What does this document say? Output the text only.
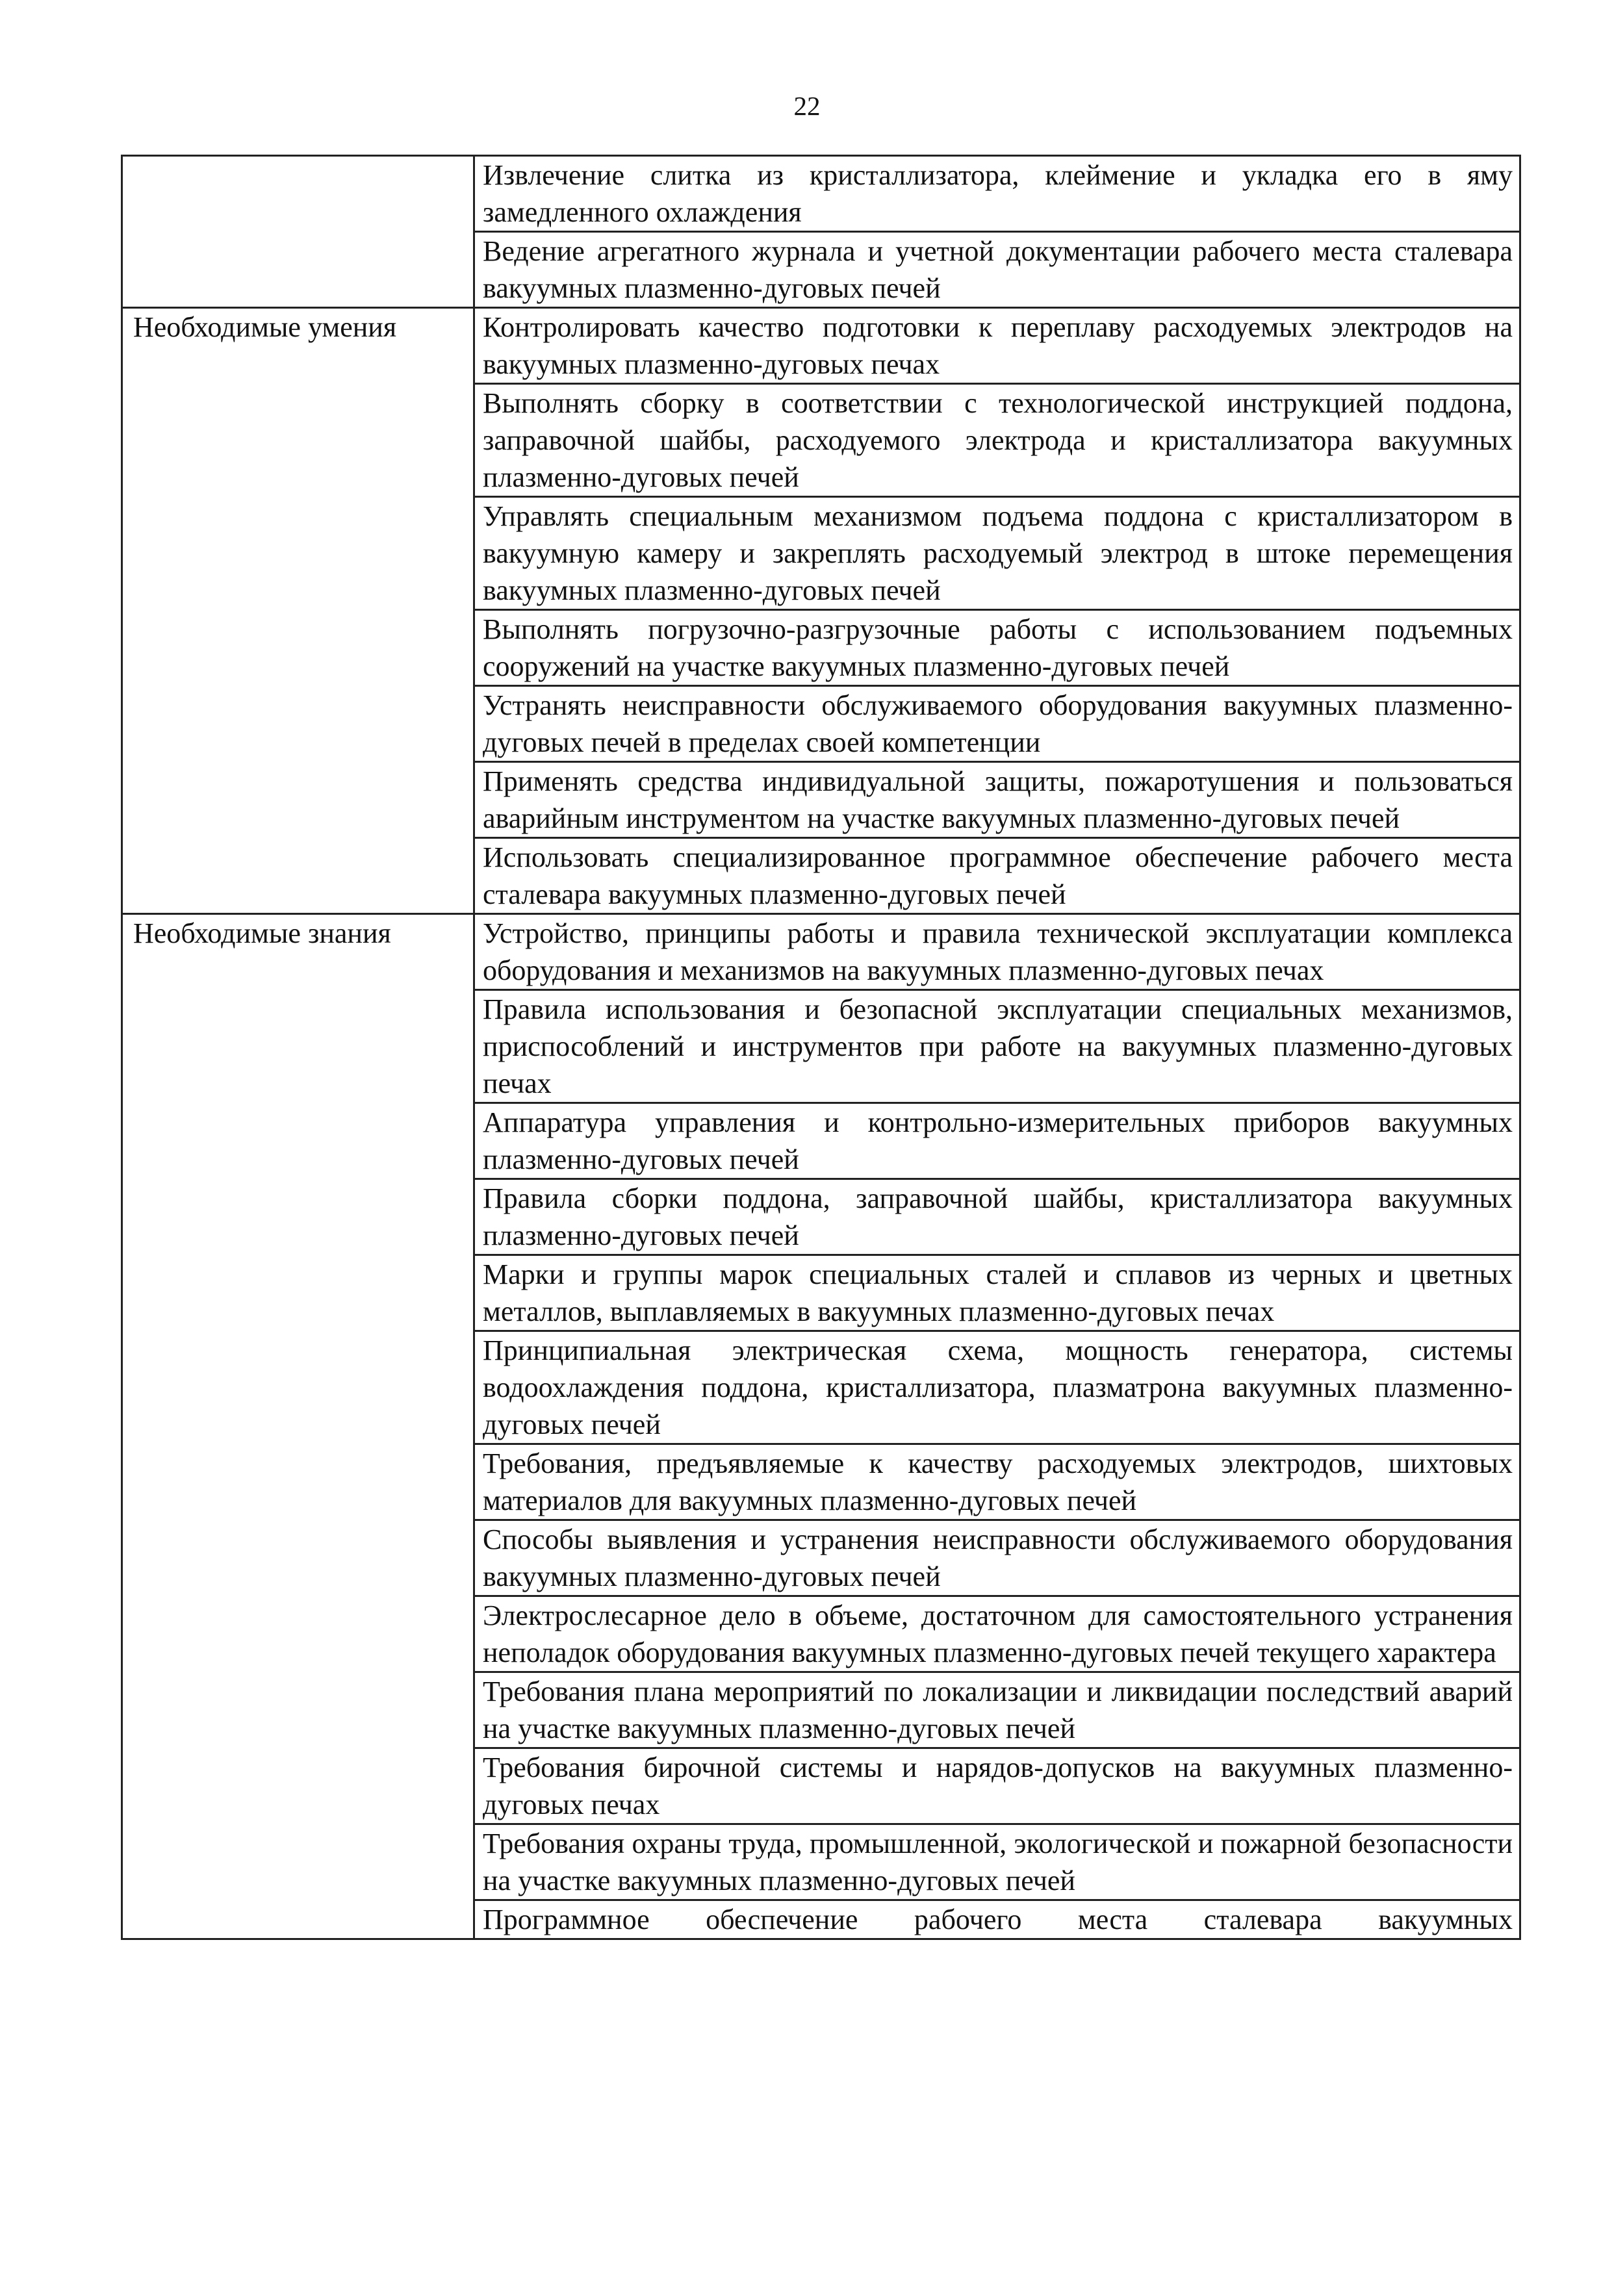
22
	Извлечение слитка из кристаллизатора, клеймение и укладка его в яму замедленного охлаждения
	Ведение агрегатного журнала и учетной документации рабочего места сталевара вакуумных плазменно-дуговых печей
Необходимые умения	Контролировать качество подготовки к переплаву расходуемых электродов на вакуумных плазменно-дуговых печах
	Выполнять сборку в соответствии с технологической инструкцией поддона, заправочной шайбы, расходуемого электрода и кристаллизатора вакуумных плазменно-дуговых печей
	Управлять специальным механизмом подъема поддона с кристаллизатором в вакуумную камеру и закреплять расходуемый электрод в штоке перемещения вакуумных плазменно-дуговых печей
	Выполнять погрузочно-разгрузочные работы с использованием подъемных сооружений на участке вакуумных плазменно-дуговых печей
	Устранять неисправности обслуживаемого оборудования вакуумных плазменно-дуговых печей в пределах своей компетенции
	Применять средства индивидуальной защиты, пожаротушения и пользоваться аварийным инструментом на участке вакуумных плазменно-дуговых печей
	Использовать специализированное программное обеспечение рабочего места сталевара вакуумных плазменно-дуговых печей
Необходимые знания	Устройство, принципы работы и правила технической эксплуатации комплекса оборудования и механизмов на вакуумных плазменно-дуговых печах
	Правила использования и безопасной эксплуатации специальных механизмов, приспособлений и инструментов при работе на вакуумных плазменно-дуговых печах
	Аппаратура управления и контрольно-измерительных приборов вакуумных плазменно-дуговых печей
	Правила сборки поддона, заправочной шайбы, кристаллизатора вакуумных плазменно-дуговых печей
	Марки и группы марок специальных сталей и сплавов из черных и цветных металлов, выплавляемых в вакуумных плазменно-дуговых печах
	Принципиальная электрическая схема, мощность генератора, системы водоохлаждения поддона, кристаллизатора, плазматрона вакуумных плазменно-дуговых печей
	Требования, предъявляемые к качеству расходуемых электродов, шихтовых материалов для вакуумных плазменно-дуговых печей
	Способы выявления и устранения неисправности обслуживаемого оборудования вакуумных плазменно-дуговых печей
	Электрослесарное дело в объеме, достаточном для самостоятельного устранения неполадок оборудования вакуумных плазменно-дуговых печей текущего характера
	Требования плана мероприятий по локализации и ликвидации последствий аварий на участке вакуумных плазменно-дуговых печей
	Требования бирочной системы и нарядов-допусков на вакуумных плазменно-дуговых печах
	Требования охраны труда, промышленной, экологической и пожарной безопасности на участке вакуумных плазменно-дуговых печей
	Программное обеспечение рабочего места сталевара вакуумных
